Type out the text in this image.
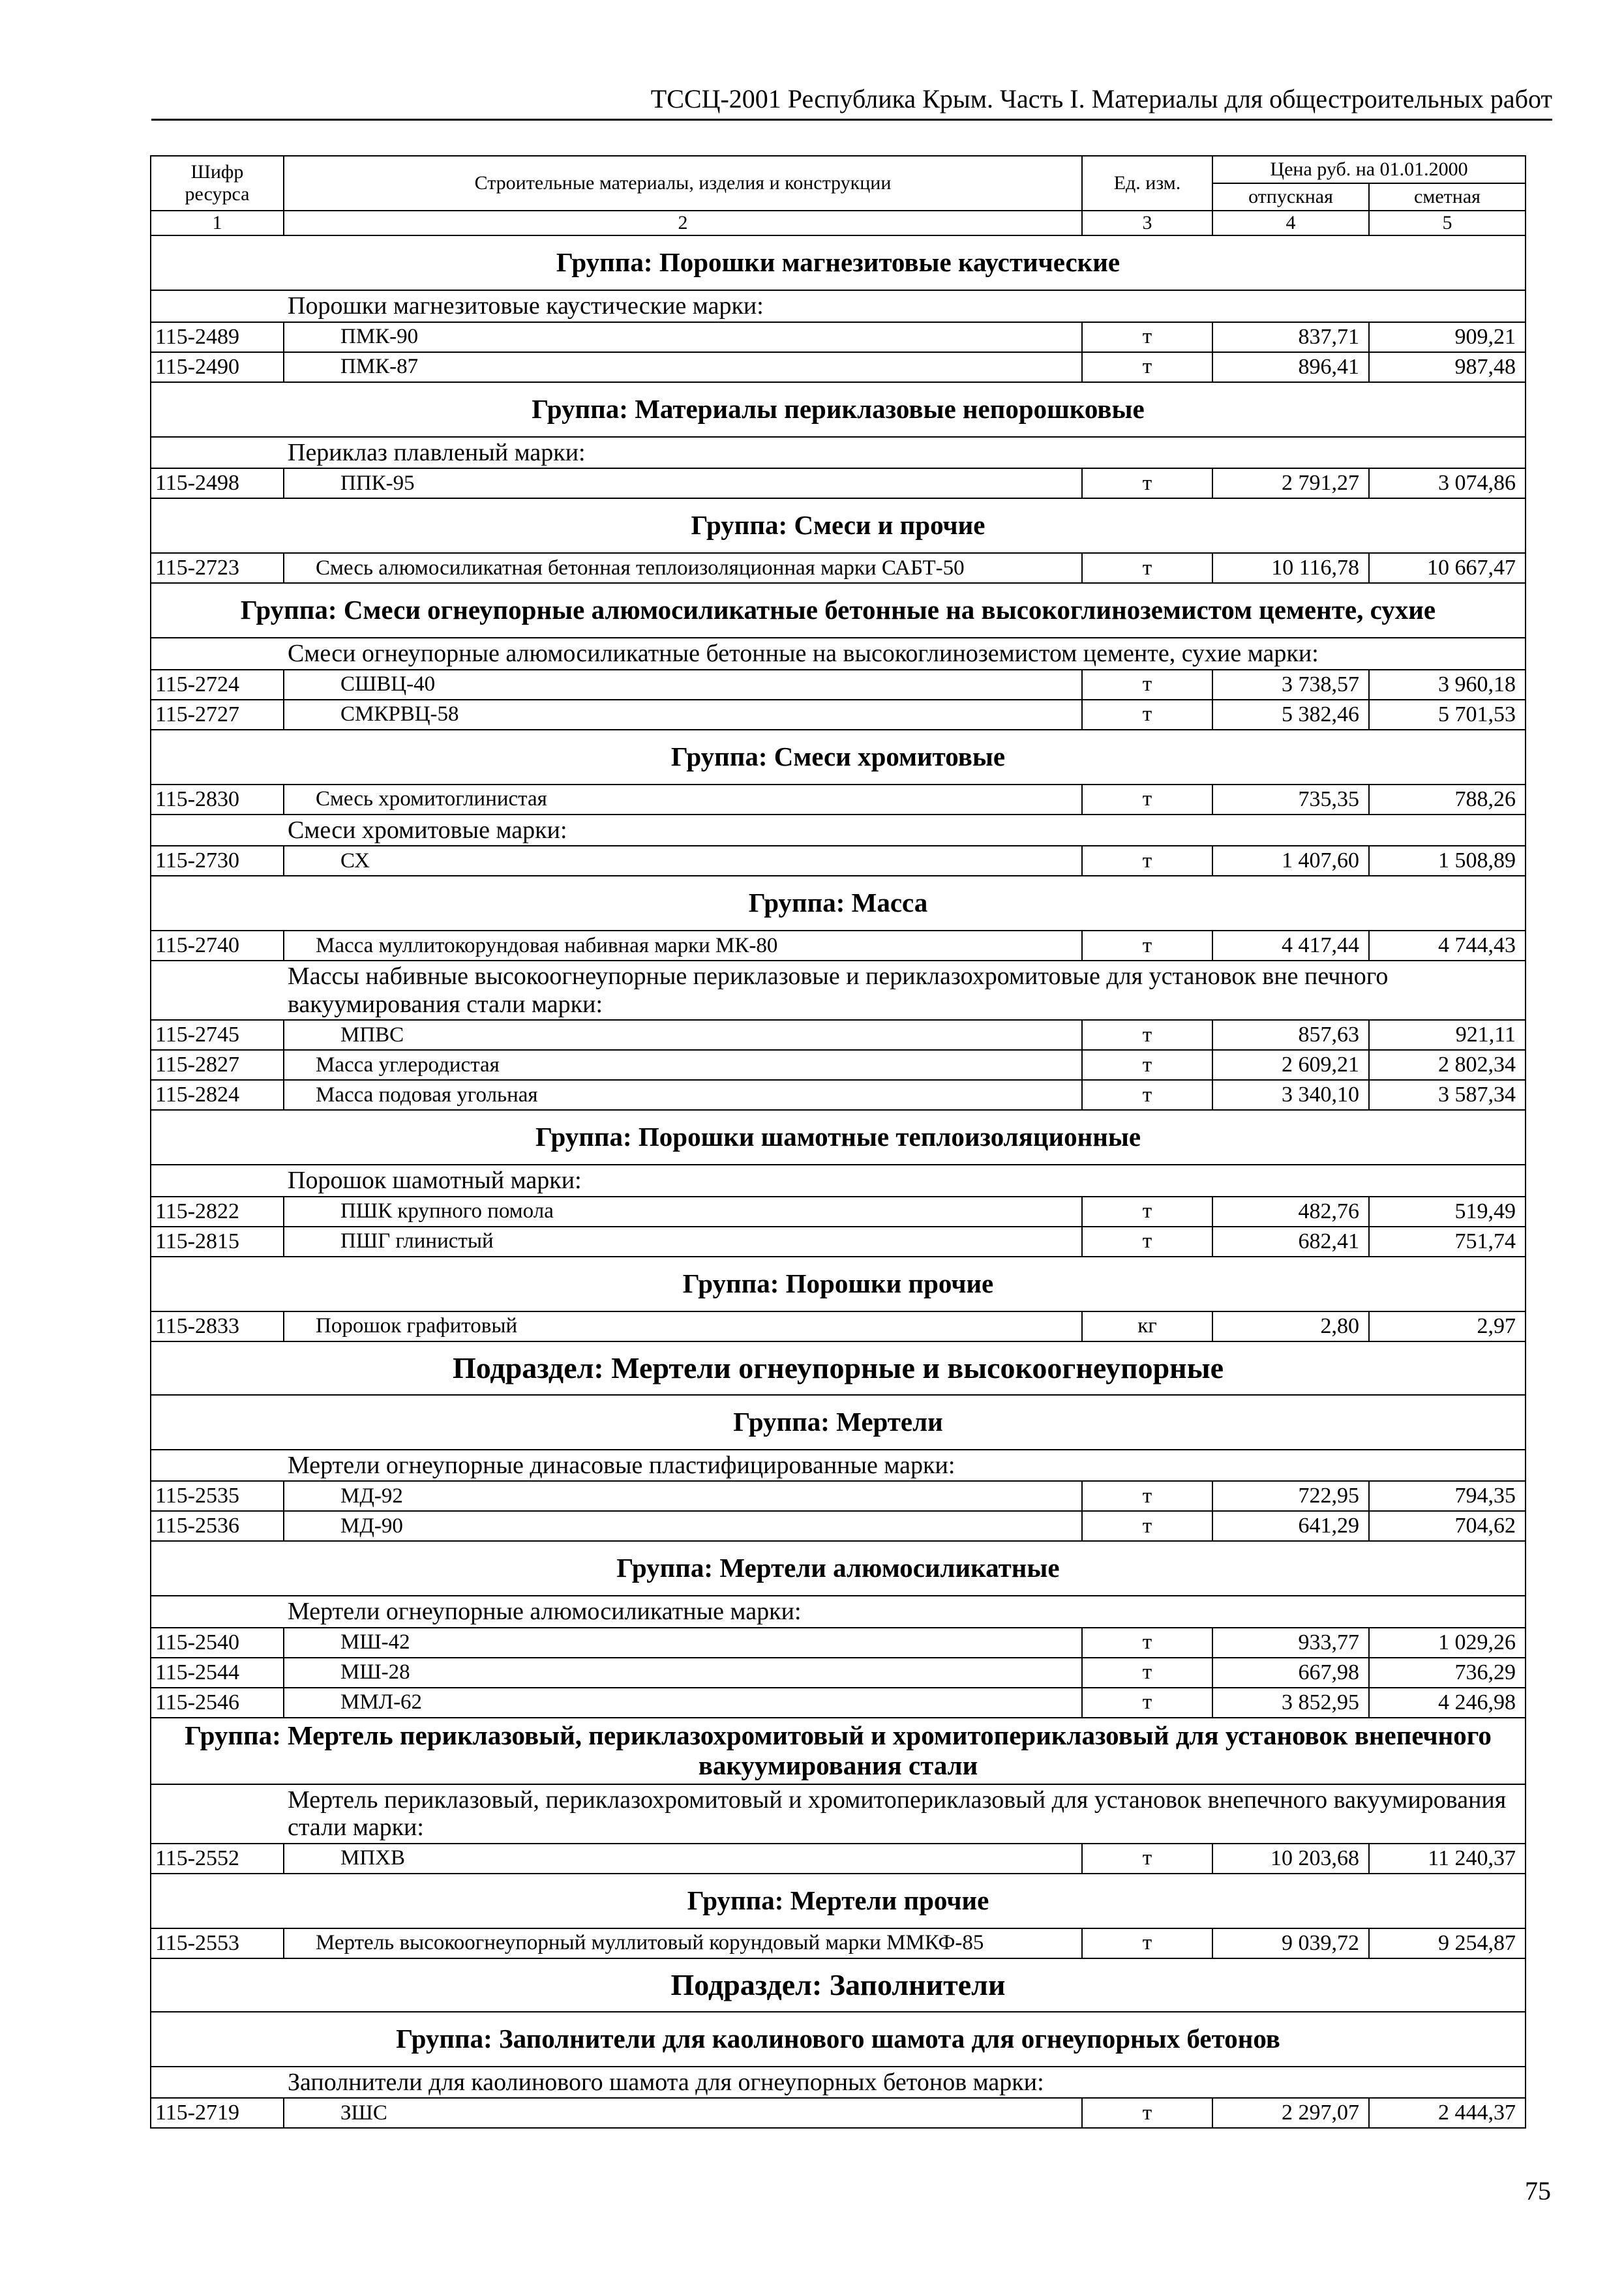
ТССЦ-2001 Республика Крым. Часть I. Материалы для общестроительных работ
Шифр ресурса	Строительные материалы, изделия и конструкции	Ед. изм.	Цена руб. на 01.01.2000	
			отпускная	сметная
1	2	3	4	5
Группа: Порошки магнезитовые каустические				
	Порошки магнезитовые каустические марки:			
115-2489	ПМК-90	т	837,71	909,21
115-2490	ПМК-87	т	896,41	987,48
Группа: Материалы периклазовые непорошковые				
	Периклаз плавленый марки:			
115-2498	ППК-95	т	2 791,27	3 074,86
Группа: Смеси и прочие				
115-2723	Смесь алюмосиликатная бетонная теплоизоляционная марки САБТ-50	т	10 116,78	10 667,47
Группа: Смеси огнеупорные алюмосиликатные бетонные на высокоглиноземистом цементе, сухие				
	Смеси огнеупорные алюмосиликатные бетонные на высокоглиноземистом цементе, сухие марки:			
115-2724	СШВЦ-40	т	3 738,57	3 960,18
115-2727	СМКРВЦ-58	т	5 382,46	5 701,53
Группа: Смеси хромитовые				
115-2830	Смесь хромитоглинистая	т	735,35	788,26
	Смеси хромитовые марки:			
115-2730	СХ	т	1 407,60	1 508,89
Группа: Масса				
115-2740	Масса муллитокорундовая набивная марки МК-80	т	4 417,44	4 744,43
	Массы набивные высокоогнеупорные периклазовые и периклазохромитовые для установок вне печного вакуумирования стали марки:			
115-2745	МПВС	т	857,63	921,11
115-2827	Масса углеродистая	т	2 609,21	2 802,34
115-2824	Масса подовая угольная	т	3 340,10	3 587,34
Группа: Порошки шамотные теплоизоляционные				
	Порошок шамотный марки:			
115-2822	ПШК крупного помола	т	482,76	519,49
115-2815	ПШГ глинистый	т	682,41	751,74
Группа: Порошки прочие				
115-2833	Порошок графитовый	кг	2,80	2,97
Подраздел: Мертели огнеупорные и высокоогнеупорные				
Группа: Мертели				
	Мертели огнеупорные динасовые пластифицированные марки:			
115-2535	МД-92	т	722,95	794,35
115-2536	МД-90	т	641,29	704,62
Группа: Мертели алюмосиликатные				
	Мертели огнеупорные алюмосиликатные марки:			
115-2540	МШ-42	т	933,77	1 029,26
115-2544	МШ-28	т	667,98	736,29
115-2546	ММЛ-62	т	3 852,95	4 246,98
Группа: Мертель периклазовый, периклазохромитовый и хромитопериклазовый для установок внепечного вакуумирования стали				
	Мертель периклазовый, периклазохромитовый и хромитопериклазовый для установок внепечного вакуумирования стали марки:			
115-2552	МПХВ	т	10 203,68	11 240,37
Группа: Мертели прочие				
115-2553	Мертель высокоогнеупорный муллитовый корундовый марки ММКФ-85	т	9 039,72	9 254,87
Подраздел: Заполнители				
Группа: Заполнители для каолинового шамота для огнеупорных бетонов				
	Заполнители для каолинового шамота для огнеупорных бетонов марки:			
115-2719	ЗШС	т	2 297,07	2 444,37
75
